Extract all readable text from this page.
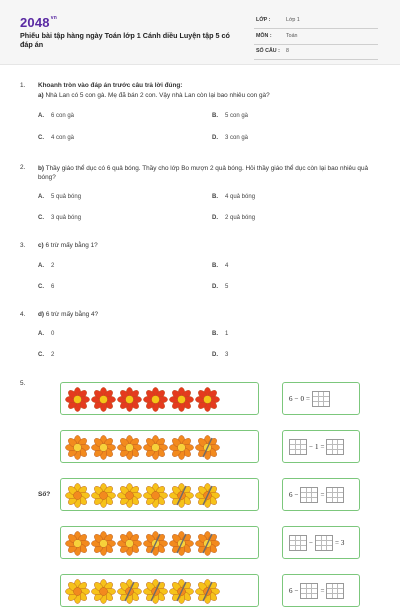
$2048^{vn}$
Phiếu bài tập hàng ngày Toán lớp 1 Cánh diều Luyện tập 5 có đáp án
LỚP :	Lớp 1
MÔN :	Toán
SỐ CÂU : 8
1. Khoanh tròn vào đáp án trước câu trả lời đúng:
a) Nhà Lan có 5 con gà. Mẹ đã bán 2 con. Vậy nhà Lan còn lại bao nhiêu con gà?
A. 6 con gà	B. 5 con gà
C. 4 con gà	D. 3 con gà
2. b) Thầy giáo thể dục có 6 quả bóng. Thầy cho lớp Bo mượn 2 quả bóng. Hỏi thầy giáo thể dục còn lại bao nhiêu quả bóng?
A. 5 quả bóng	B. 4 quả bóng
C. 3 quả bóng	D. 2 quả bóng
3. c) 6 trừ mấy bằng 1?
A. 2	B. 4
C. 6	D. 5
4. d) 6 trừ mấy bằng 4?
A. 0	B. 1
C. 2	D. 3
5.
Số?
6 − 0 =
− 1 =
6 −	=
−	= 3
6 −	=
